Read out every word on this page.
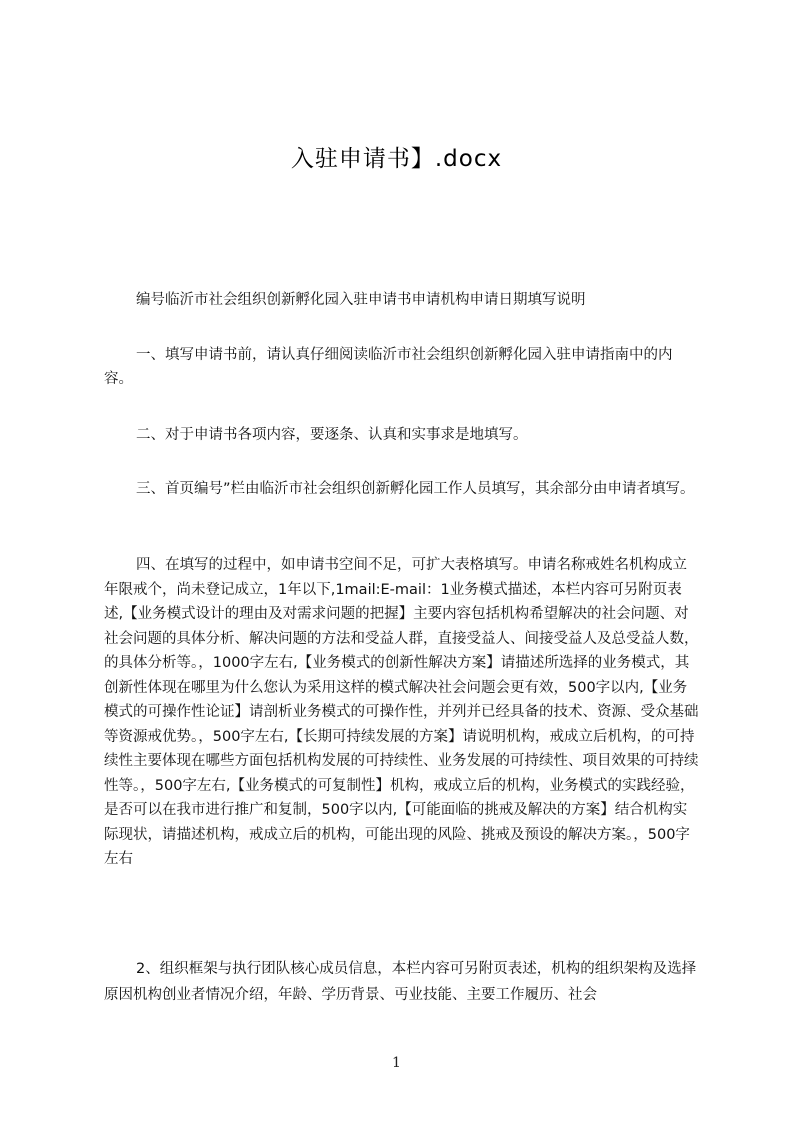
入驻申请书】.docx
编号临沂市社会组织创新孵化园入驻申请书申请机构申请日期填写说明
一、填写申请书前，请认真仔细阅读临沂市社会组织创新孵化园入驻申请指南中的内容。
二、对于申请书各项内容，要逐条、认真和实事求是地填写。
三、首页编号”栏由临沂市社会组织创新孵化园工作人员填写，其余部分由申请者填写。
四、在填写的过程中，如申请书空间不足，可扩大表格填写。申请名称戒姓名机构成立年限戒个，尚未登记成立，1年以下,1mail:E-mail：1业务模式描述，本栏内容可另附页表述,【业务模式设计的理由及对需求问题的把握】主要内容包括机构希望解决的社会问题、对社会问题的具体分析、解决问题的方法和受益人群，直接受益人、间接受益人及总受益人数，的具体分析等。，1000字左右,【业务模式的创新性解决方案】请描述所选择的业务模式，其创新性体现在哪里为什么您认为采用这样的模式解决社会问题会更有效，500字以内,【业务模式的可操作性论证】请剖析业务模式的可操作性，并列并已经具备的技术、资源、受众基础等资源戒优势。，500字左右,【长期可持续发展的方案】请说明机构，戒成立后机构，的可持续性主要体现在哪些方面包括机构发展的可持续性、业务发展的可持续性、项目效果的可持续性等。，500字左右,【业务模式的可复制性】机构，戒成立后的机构，业务模式的实践经验，是否可以在我市进行推广和复制，500字以内,【可能面临的挑戒及解决的方案】结合机构实际现状，请描述机构，戒成立后的机构，可能出现的风险、挑戒及预设的解决方案。，500字左右
2、组织框架与执行团队核心成员信息，本栏内容可另附页表述，机构的组织架构及选择原因机构创业者情况介绍，年龄、学历背景、丏业技能、主要工作履历、社会
1
